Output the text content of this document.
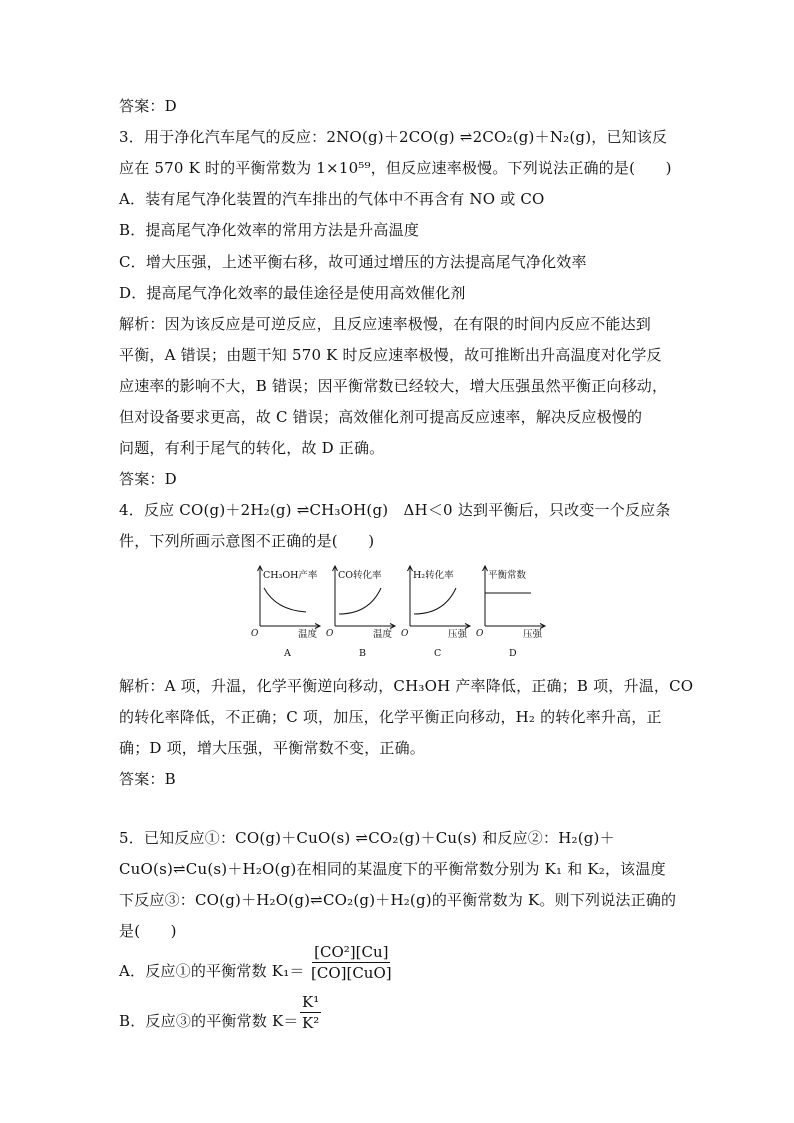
答案：D
3．用于净化汽车尾气的反应：2NO(g)＋2CO(g) ⇌2CO₂(g)＋N₂(g)，已知该反
应在 570 K 时的平衡常数为 1×10⁵⁹，但反应速率极慢。下列说法正确的是(　　)
A．装有尾气净化装置的汽车排出的气体中不再含有 NO 或 CO
B．提高尾气净化效率的常用方法是升高温度
C．增大压强，上述平衡右移，故可通过增压的方法提高尾气净化效率
D．提高尾气净化效率的最佳途径是使用高效催化剂
解析：因为该反应是可逆反应，且反应速率极慢，在有限的时间内反应不能达到
平衡，A 错误；由题干知 570 K 时反应速率极慢，故可推断出升高温度对化学反
应速率的影响不大，B 错误；因平衡常数已经较大，增大压强虽然平衡正向移动，
但对设备要求更高，故 C 错误；高效催化剂可提高反应速率，解决反应极慢的
问题，有利于尾气的转化，故 D 正确。
答案：D
4．反应 CO(g)＋2H₂(g) ⇌CH₃OH(g)　ΔH＜0 达到平衡后，只改变一个反应条
件，下列所画示意图不正确的是(　　)
CH₃OH产率
O	温度
A
CO转化率
O	温度
B
H₂转化率
O	压强
C
平衡常数
O	压强
D
解析：A 项，升温，化学平衡逆向移动，CH₃OH 产率降低，正确；B 项，升温，CO
的转化率降低，不正确；C 项，加压，化学平衡正向移动，H₂ 的转化率升高，正
确；D 项，增大压强，平衡常数不变，正确。
答案：B
5．已知反应①：CO(g)＋CuO(s) ⇌CO₂(g)＋Cu(s) 和反应②：H₂(g)＋
CuO(s)⇌Cu(s)＋H₂O(g)在相同的某温度下的平衡常数分别为 K₁ 和 K₂，该温度
下反应③：CO(g)＋H₂O(g)⇌CO₂(g)＋H₂(g)的平衡常数为 K。则下列说法正确的
是(　　)
A．反应①的平衡常数 K₁＝
[CO²][Cu]
[CO][CuO]
B．反应③的平衡常数 $K= \frac{\text{K¹}}{\text{K²}}$
